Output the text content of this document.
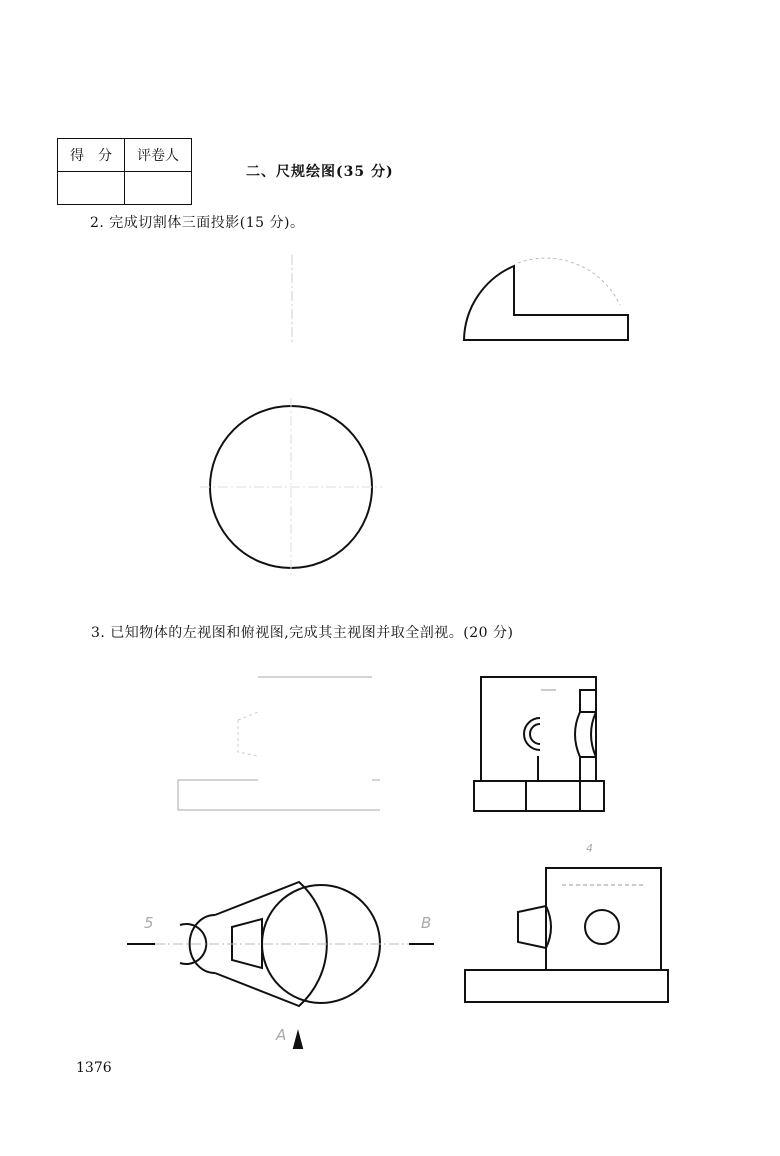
得　分	评卷人

二、尺规绘图(35 分)
2. 完成切割体三面投影(15 分)。
3. 已知物体的左视图和俯视图,完成其主视图并取全剖视。(20 分)
1376
5	B
A
4
